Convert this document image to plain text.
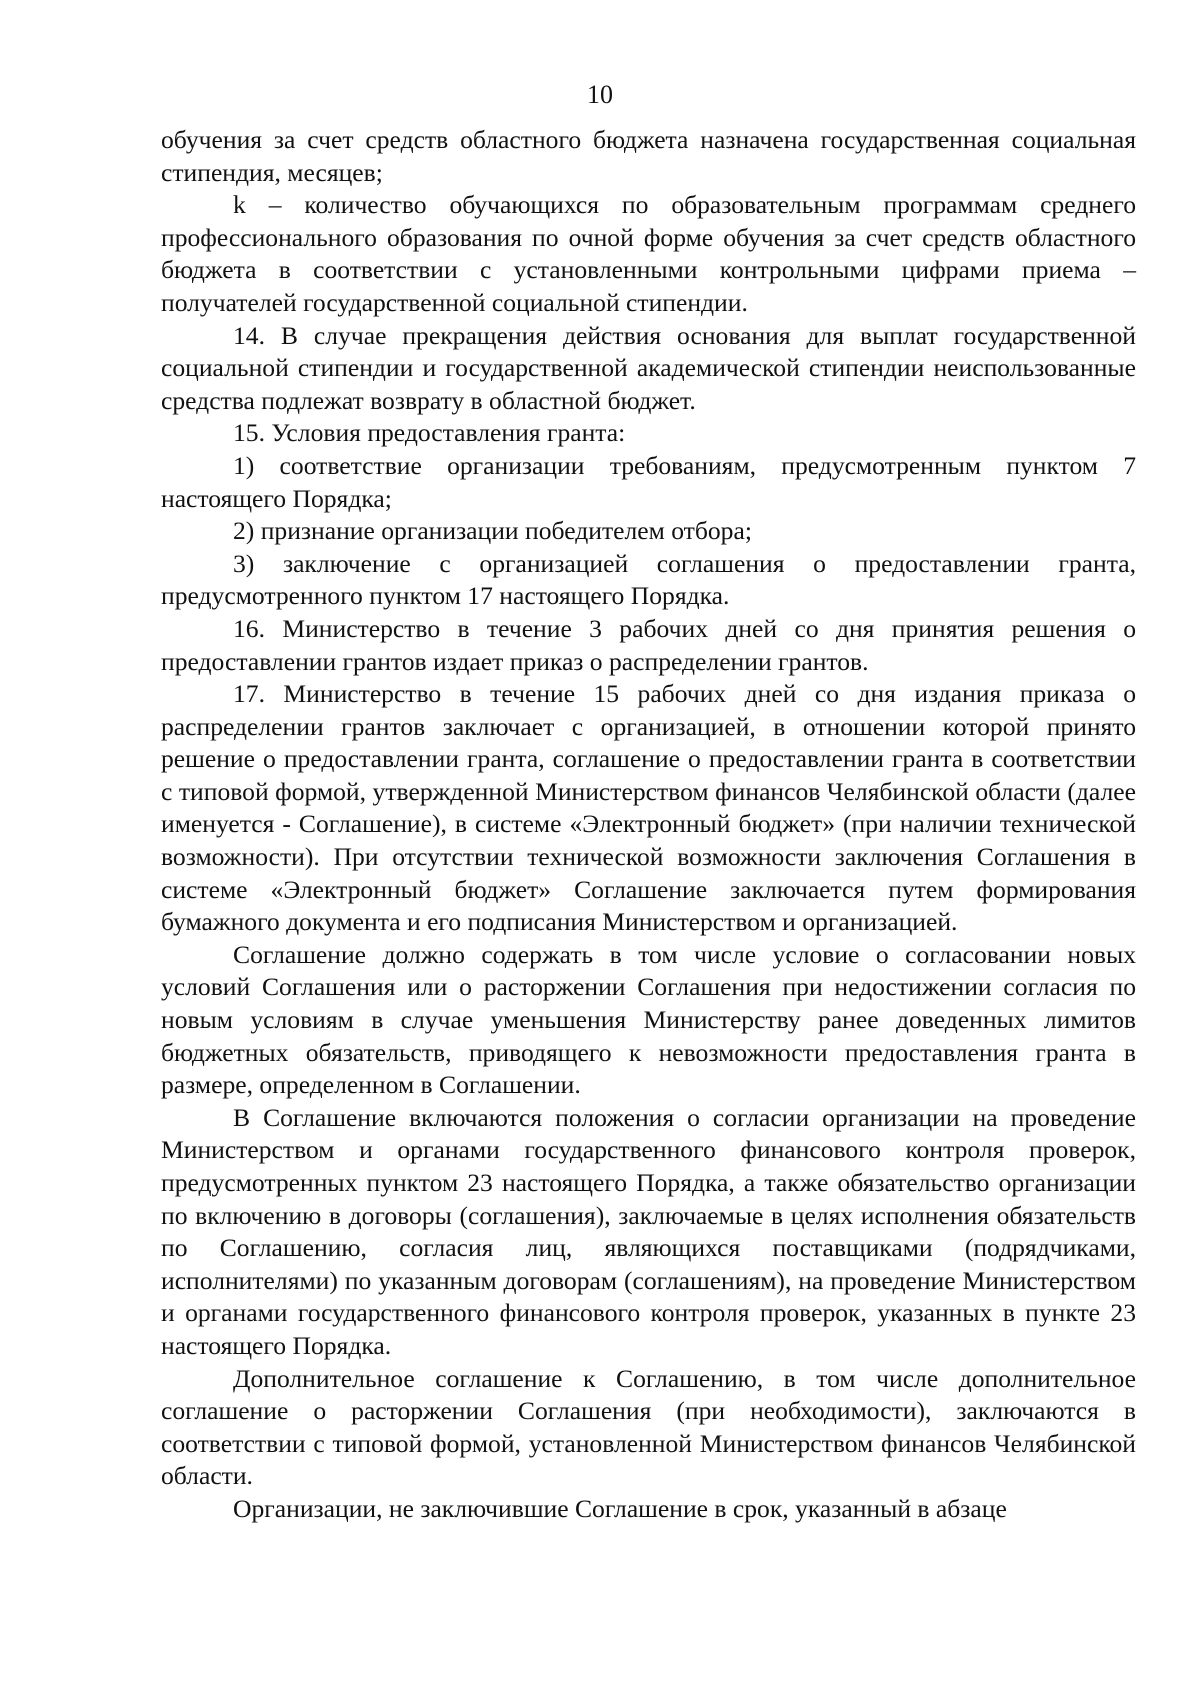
10

обучения за счет средств областного бюджета назначена государственная социальная стипендия, месяцев;

k – количество обучающихся по образовательным программам среднего профессионального образования по очной форме обучения за счет средств областного бюджета в соответствии с установленными контрольными цифрами приема – получателей государственной социальной стипендии.

14. В случае прекращения действия основания для выплат государственной социальной стипендии и государственной академической стипендии неиспользованные средства подлежат возврату в областной бюджет.

15. Условия предоставления гранта:

1) соответствие организации требованиям, предусмотренным пунктом 7 настоящего Порядка;

2) признание организации победителем отбора;

3) заключение с организацией соглашения о предоставлении гранта, предусмотренного пунктом 17 настоящего Порядка.

16. Министерство в течение 3 рабочих дней со дня принятия решения о предоставлении грантов издает приказ о распределении грантов.

17. Министерство в течение 15 рабочих дней со дня издания приказа о распределении грантов заключает с организацией, в отношении которой принято решение о предоставлении гранта, соглашение о предоставлении гранта в соответствии с типовой формой, утвержденной Министерством финансов Челябинской области (далее именуется - Соглашение), в системе «Электронный бюджет» (при наличии технической возможности). При отсутствии технической возможности заключения Соглашения в системе «Электронный бюджет» Соглашение заключается путем формирования бумажного документа и его подписания Министерством и организацией.

Соглашение должно содержать в том числе условие о согласовании новых условий Соглашения или о расторжении Соглашения при недостижении согласия по новым условиям в случае уменьшения Министерству ранее доведенных лимитов бюджетных обязательств, приводящего к невозможности предоставления гранта в размере, определенном в Соглашении.

В Соглашение включаются положения о согласии организации на проведение Министерством и органами государственного финансового контроля проверок, предусмотренных пунктом 23 настоящего Порядка, а также обязательство организации по включению в договоры (соглашения), заключаемые в целях исполнения обязательств по Соглашению, согласия лиц, являющихся поставщиками (подрядчиками, исполнителями) по указанным договорам (соглашениям), на проведение Министерством и органами государственного финансового контроля проверок, указанных в пункте 23 настоящего Порядка.

Дополнительное соглашение к Соглашению, в том числе дополнительное соглашение о расторжении Соглашения (при необходимости), заключаются в соответствии с типовой формой, установленной Министерством финансов Челябинской области.

Организации, не заключившие Соглашение в срок, указанный в абзаце
